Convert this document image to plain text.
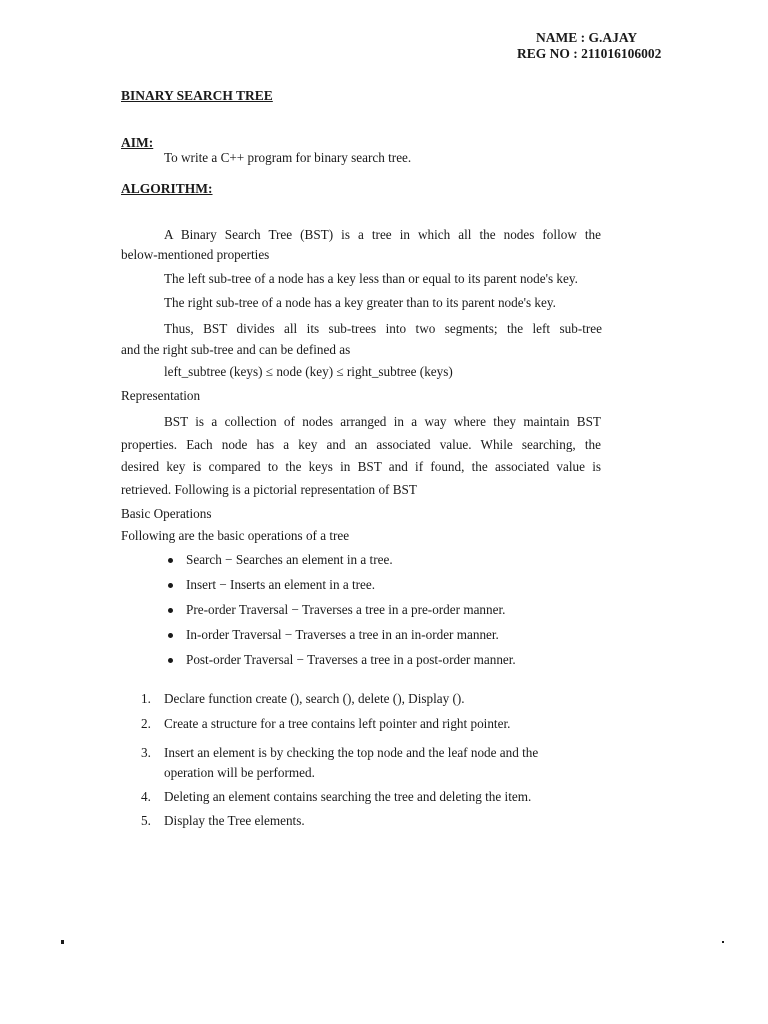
NAME : G.AJAY
REG NO : 211016106002
BINARY SEARCH TREE
AIM:
To write a C++ program for binary search tree.
ALGORITHM:
A Binary Search Tree (BST) is a tree in which all the nodes follow the
below-mentioned properties
The left sub-tree of a node has a key less than or equal to its parent node's key.
The right sub-tree of a node has a key greater than to its parent node's key.
Thus, BST divides all its sub-trees into two segments; the left sub-tree
and the right sub-tree and can be defined as
left_subtree (keys) ≤ node (key) ≤ right_subtree (keys)
Representation
BST is a collection of nodes arranged in a way where they maintain BST
properties. Each node has a key and an associated value. While searching, the
desired key is compared to the keys in BST and if found, the associated value is
retrieved. Following is a pictorial representation of BST
Basic Operations
Following are the basic operations of a tree
Search − Searches an element in a tree.
Insert − Inserts an element in a tree.
Pre-order Traversal − Traverses a tree in a pre-order manner.
In-order Traversal − Traverses a tree in an in-order manner.
Post-order Traversal − Traverses a tree in a post-order manner.
1. Declare function create (), search (), delete (), Display ().
2. Create a structure for a tree contains left pointer and right pointer.
3. Insert an element is by checking the top node and the leaf node and the
operation will be performed.
4. Deleting an element contains searching the tree and deleting the item.
5. Display the Tree elements.
